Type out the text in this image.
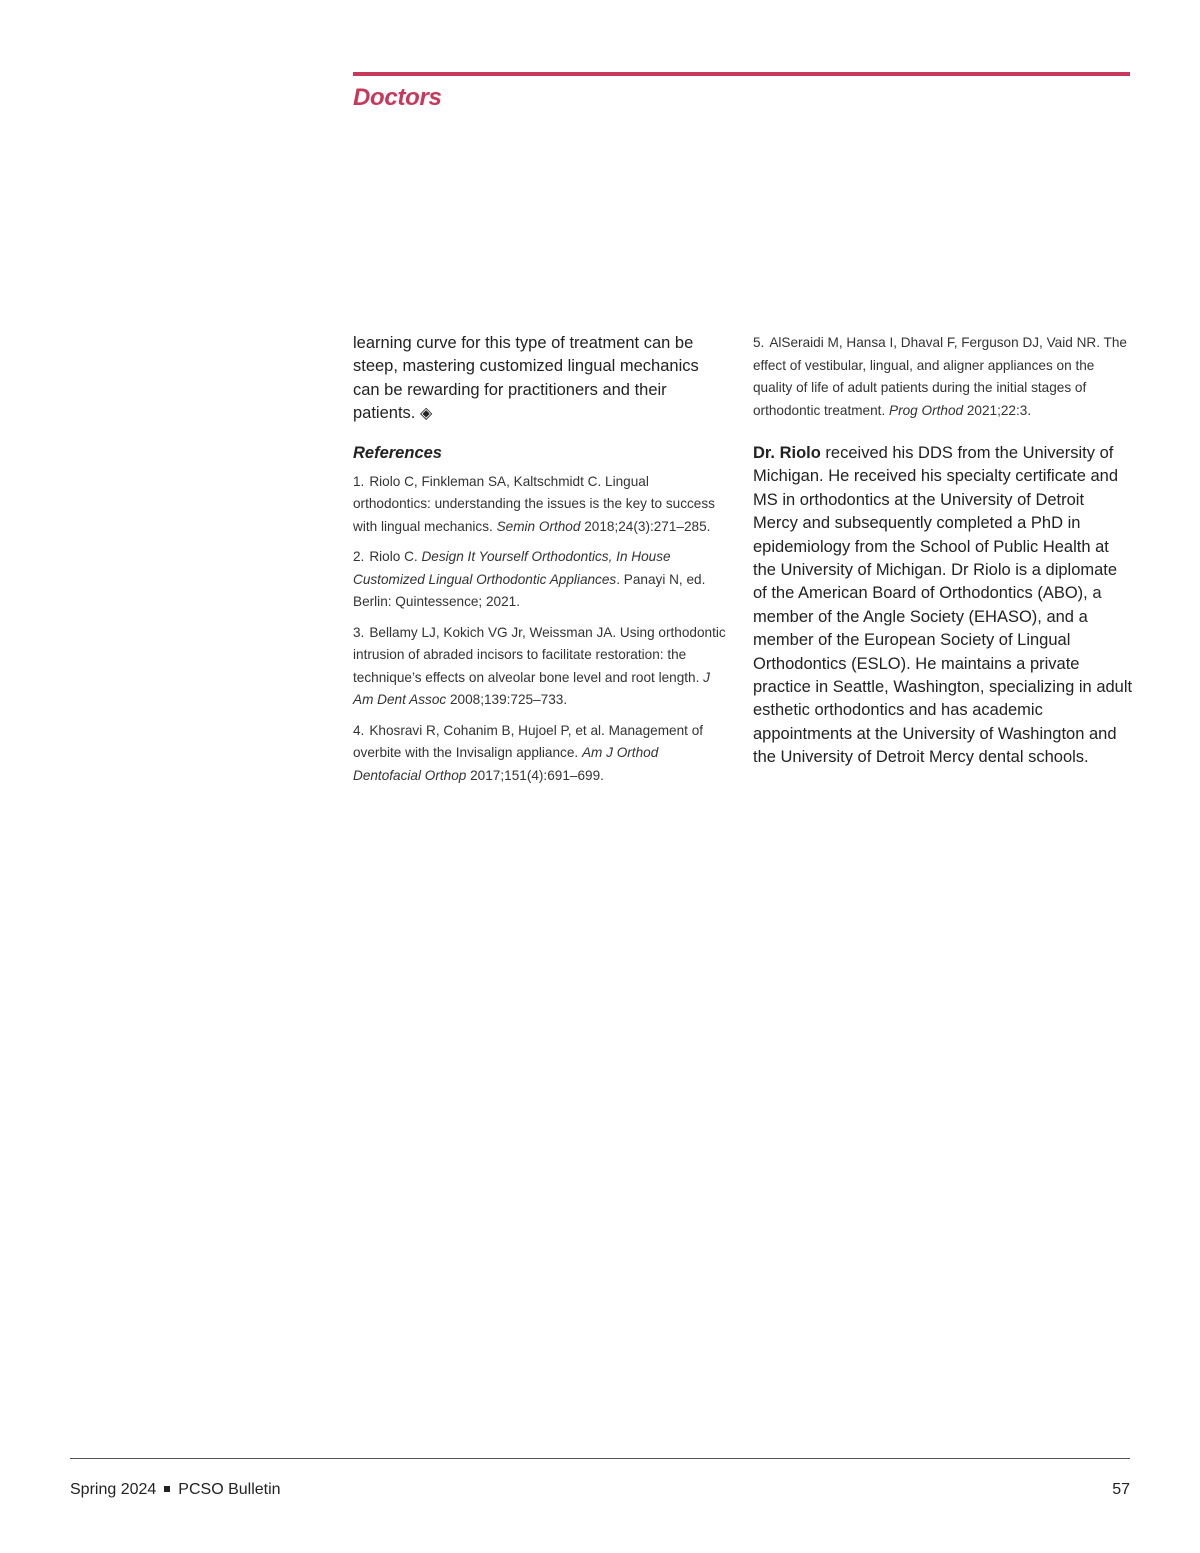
Doctors

learning curve for this type of treatment can be steep, mastering customized lingual mechanics can be rewarding for practitioners and their patients. ◈

References

1. Riolo C, Finkleman SA, Kaltschmidt C. Lingual orthodontics: understanding the issues is the key to success with lingual mechanics. Semin Orthod 2018;24(3):271–285.

2. Riolo C. Design It Yourself Orthodontics, In House Customized Lingual Orthodontic Appliances. Panayi N, ed. Berlin: Quintessence; 2021.

3. Bellamy LJ, Kokich VG Jr, Weissman JA. Using orthodontic intrusion of abraded incisors to facilitate restoration: the technique’s effects on alveolar bone level and root length. J Am Dent Assoc 2008;139:725–733.

4. Khosravi R, Cohanim B, Hujoel P, et al. Management of overbite with the Invisalign appliance. Am J Orthod Dentofacial Orthop 2017;151(4):691–699.

5. AlSeraidi M, Hansa I, Dhaval F, Ferguson DJ, Vaid NR. The effect of vestibular, lingual, and aligner appliances on the quality of life of adult patients during the initial stages of orthodontic treatment. Prog Orthod 2021;22:3.

Dr. Riolo received his DDS from the University of Michigan. He received his specialty certificate and MS in orthodontics at the University of Detroit Mercy and subsequently completed a PhD in epidemiology from the School of Public Health at the University of Michigan. Dr Riolo is a diplomate of the American Board of Orthodontics (ABO), a member of the Angle Society (EHASO), and a member of the European Society of Lingual Orthodontics (ESLO). He maintains a private practice in Seattle, Washington, specializing in adult esthetic orthodontics and has academic appointments at the University of Washington and the University of Detroit Mercy dental schools.

Spring 2024 PCSO Bulletin	57
